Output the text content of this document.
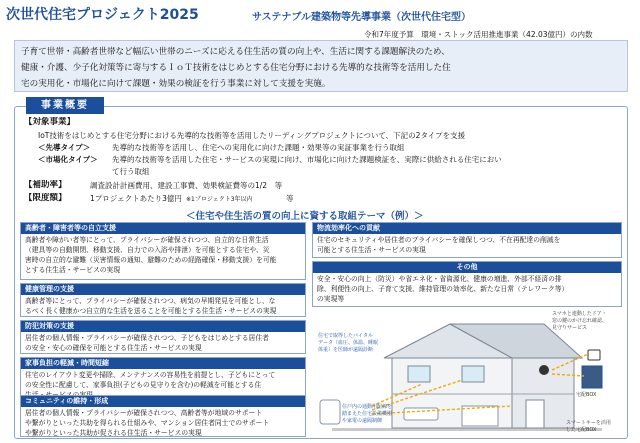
次世代住宅プロジェクト2025	サステナブル建築物等先導事業（次世代住宅型）
令和7年度予算　環境・ストック活用推進事業（42.03億円）の内数
子育て世帯・高齢者世帯など幅広い世帯のニーズに応える住生活の質の向上や、生活に関する課題解決のため、
健康・介護、少子化対策等に寄与するＩｏＴ技術をはじめとする住宅分野における先導的な技術等を活用した住
宅の実用化・市場化に向けて課題・効果の検証を行う事業に対して支援を実施。
事業概要
【対象事業】
IoT技術をはじめとする住宅分野における先導的な技術等を活用したリーディングプロジェクトについて、下記の2タイプを支援
＜先導タイプ＞	先導的な技術等を活用し、住宅への実用化に向けた課題・効果等の実証事業を行う取組
＜市場化タイプ＞ 先導的な技術等を活用した住宅・サービスの実現に向け、市場化に向けた課題検証を、実際に供給される住宅におい
て行う取組
【補助率】	調査設計計画費用、建設工事費、効果検証費等の1/2　等
【限度額】	1プロジェクトあたり3億円 ※1プロジェクト3年以内	等
＜住宅や住生活の質の向上に資する取組テーマ（例）＞
高齢者・障害者等の自立支援
高齢者や障がい者等にとって、プライバシーが確保されつつ、自立的な日常生活
（建具等の自動開閉、移動支援、自力での入浴や排泄）を可能とする住宅や、災
害時の自立的な避難（災害情報の通知、避難のための経路確保・移動支援）を可能
とする住生活・サービスの実現
健康管理の支援
高齢者等にとって、プライバシーが確保されつつ、病気の早期発見を可能とし、な
るべく長く健康かつ自立的な生活を送ることを可能とする住生活・サービスの実現
防犯対策の支援
居住者の個人情報・プライバシーが確保されつつ、子どもをはじめとする居住者
の安全・安心の確保を可能とする住生活・サービスの実現
家事負担の軽減・時間短縮
住宅のレイアウト変更や掃除、メンテナンスの容易性を前提とし、子どもにとって
の安全性に配慮して、家事負担(子どもの見守りを含む)の軽減を可能とする住
コミュニティの維持・形成
居住者の個人情報・プライバシーが確保されつつ、高齢者等が地域のサポート
や繋がりといった共助を得られる仕組みや、マンション居住者同士でのサポート
や繋がりといった共助が促される住生活・サービスの実現
物流効率化への貢献
住宅のセキュリティや居住者のプライバシーを確保しつつ、不在再配達の削減を
可能とする住生活・サービスの実現
その他
安全・安心の向上（防災）や省エネ化・省資源化、健康の増進、外部不経済の排
除、利便性の向上、子育て支援、維持管理の効率化、新たな日常（テレワーク等）
の実現等
住宅で取得したバイタル
データ（血圧、体温、睡眠
体重）を医師が遠隔診断
スマホと連動したドア・
窓の鍵のかけ忘れ確認、
見守りサービス
住戸内の通動用配線を
踏まえた住宅設備機器
や家電の遠隔制御
宅配BOX
スマートキーを活用
した宅配BOX
